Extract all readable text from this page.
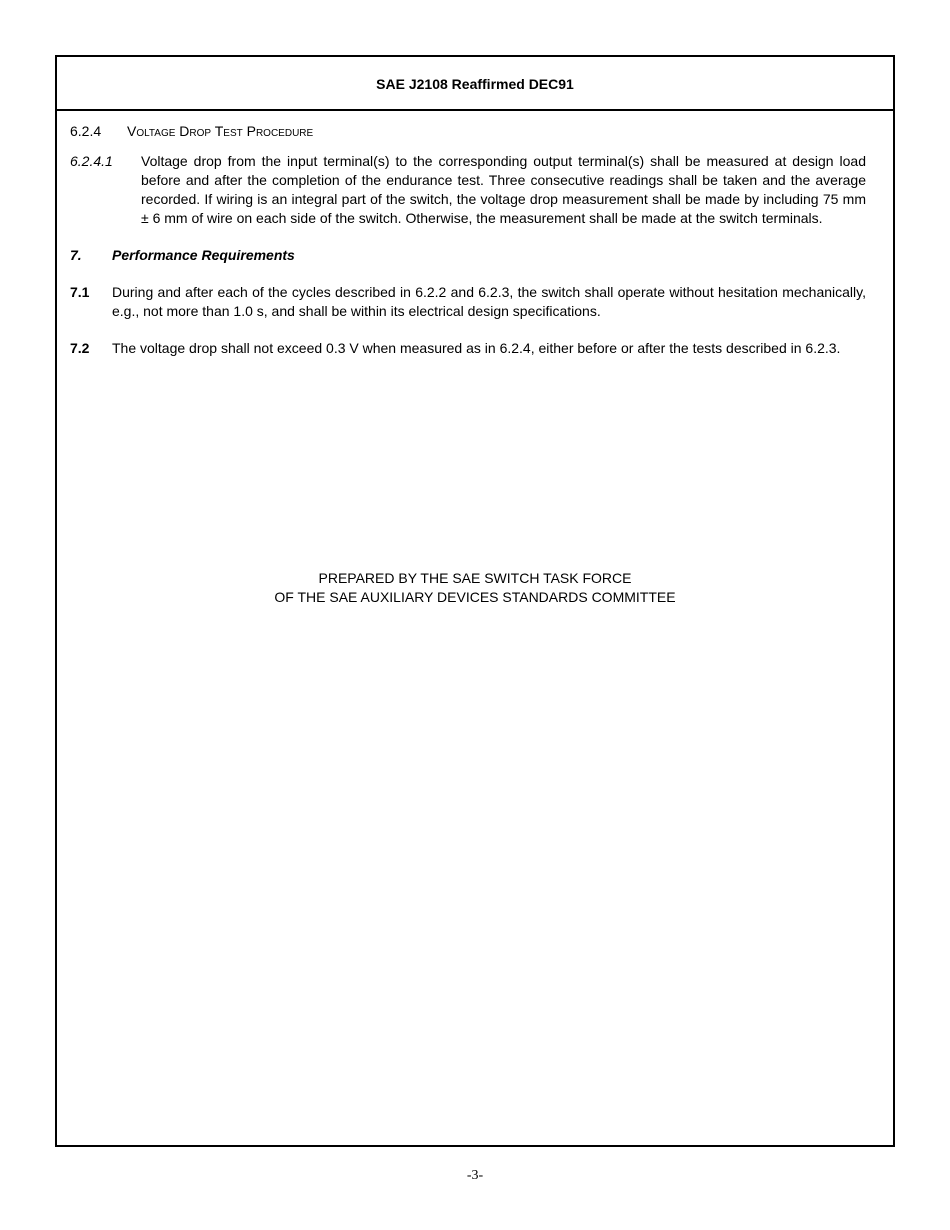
SAE J2108 Reaffirmed DEC91
6.2.4	Voltage Drop Test Procedure
6.2.4.1	Voltage drop from the input terminal(s) to the corresponding output terminal(s) shall be measured at design load before and after the completion of the endurance test. Three consecutive readings shall be taken and the average recorded. If wiring is an integral part of the switch, the voltage drop measurement shall be made by including 75 mm ± 6 mm of wire on each side of the switch. Otherwise, the measurement shall be made at the switch terminals.
7.	Performance Requirements
7.1	During and after each of the cycles described in 6.2.2 and 6.2.3, the switch shall operate without hesitation mechanically, e.g., not more than 1.0 s, and shall be within its electrical design specifications.
7.2	The voltage drop shall not exceed 0.3 V when measured as in 6.2.4, either before or after the tests described in 6.2.3.
PREPARED BY THE SAE SWITCH TASK FORCE
OF THE SAE AUXILIARY DEVICES STANDARDS COMMITTEE
-3-
